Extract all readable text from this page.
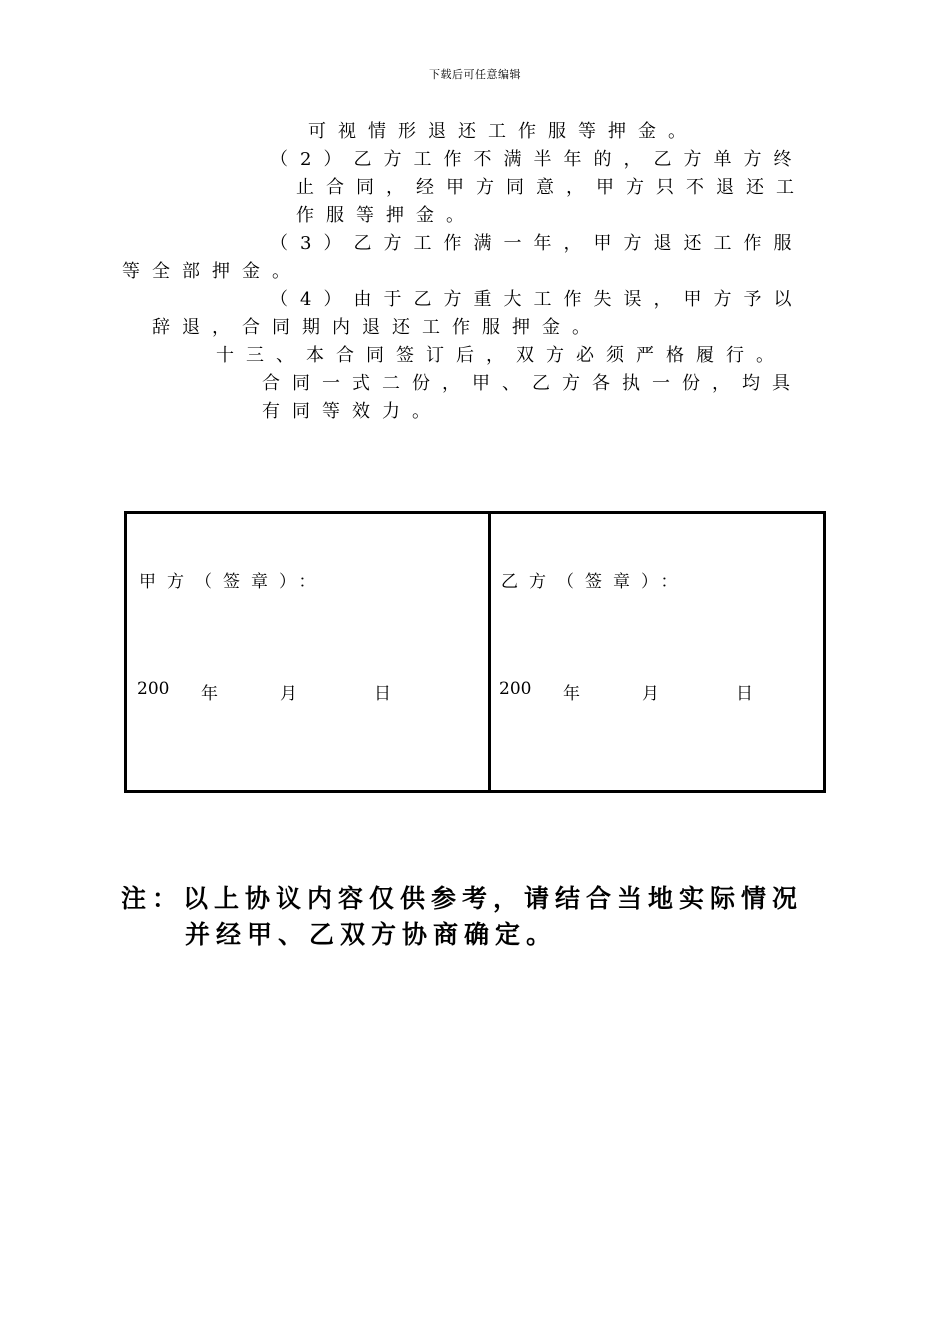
下载后可任意编辑
可视情形退还工作服等押金。
（2）乙方工作不满半年的，乙方单方终
止合同，经甲方同意，甲方只不退还工
作服等押金。
（3）乙方工作满一年，甲方退还工作服
等全部押金。
（4）由于乙方重大工作失误，甲方予以
辞退，合同期内退还工作服押金。
十三、本合同签订后，双方必须严格履行。
合同一式二份，甲、乙方各执一份，均具
有同等效力。
甲方（签章）：
200 年	月	日
乙方（签章）：
200 年	月	日
注：以上协议内容仅供参考，请结合当地实际情况
并经甲、乙双方协商确定。
